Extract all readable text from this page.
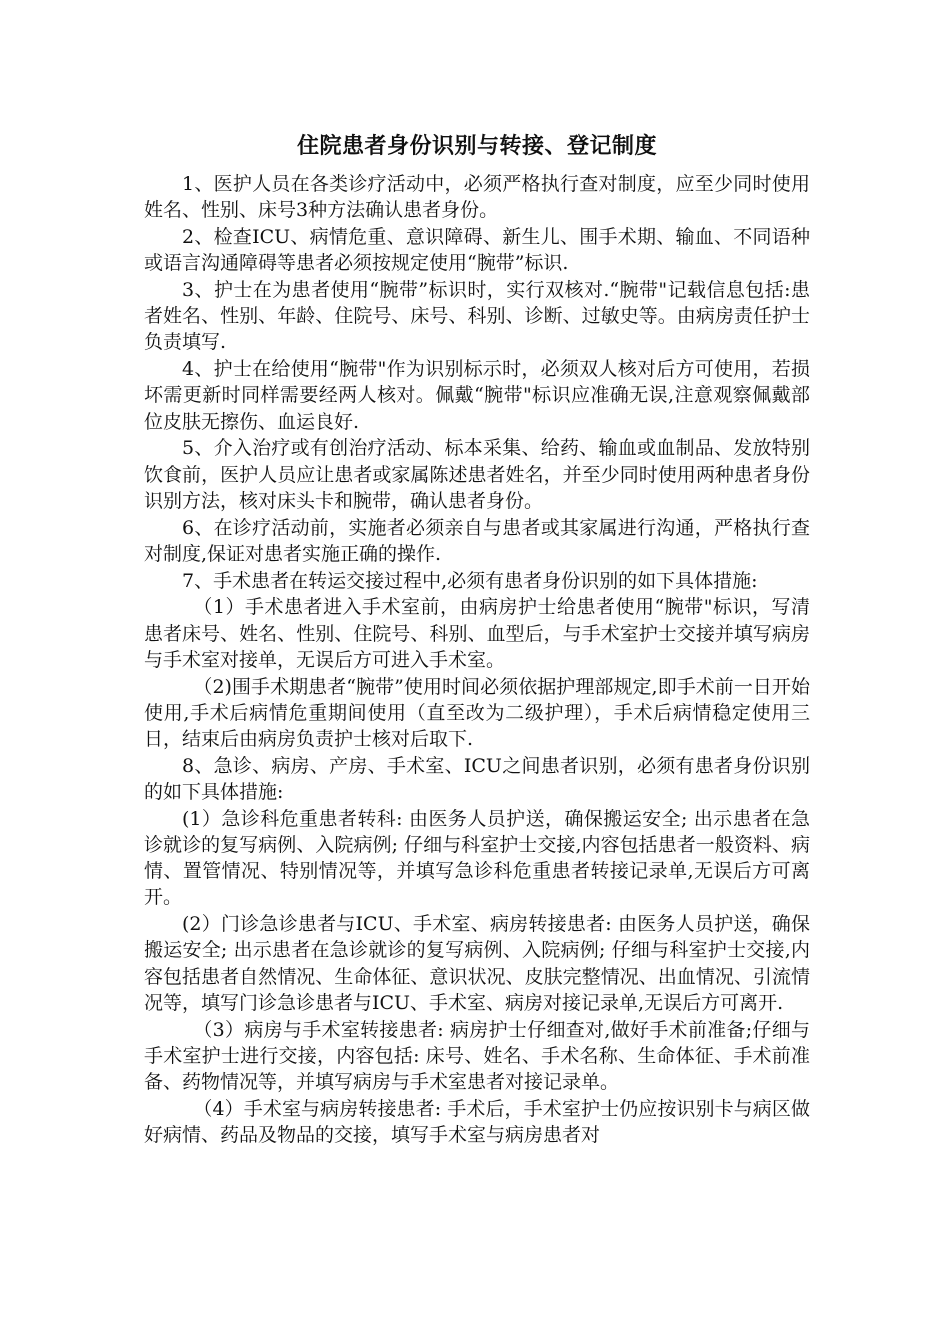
住院患者身份识别与转接、登记制度

1、医护人员在各类诊疗活动中，必须严格执行查对制度，应至少同时使用姓名、性别、床号3种方法确认患者身份。

2、检查ICU、病情危重、意识障碍、新生儿、围手术期、输血、不同语种或语言沟通障碍等患者必须按规定使用“腕带”标识.

3、护士在为患者使用“腕带”标识时，实行双核对.“腕带"记载信息包括:患者姓名、性别、年龄、住院号、床号、科别、诊断、过敏史等。由病房责任护士负责填写.

4、护士在给使用“腕带"作为识别标示时，必须双人核对后方可使用，若损坏需更新时同样需要经两人核对。佩戴“腕带"标识应准确无误,注意观察佩戴部位皮肤无擦伤、血运良好.

5、介入治疗或有创治疗活动、标本采集、给药、输血或血制品、发放特别饮食前，医护人员应让患者或家属陈述患者姓名，并至少同时使用两种患者身份识别方法，核对床头卡和腕带，确认患者身份。

6、在诊疗活动前，实施者必须亲自与患者或其家属进行沟通，严格执行查对制度,保证对患者实施正确的操作.

7、手术患者在转运交接过程中,必须有患者身份识别的如下具体措施:

（1）手术患者进入手术室前，由病房护士给患者使用“腕带"标识，写清患者床号、姓名、性别、住院号、科别、血型后，与手术室护士交接并填写病房与手术室对接单，无误后方可进入手术室。

（2)围手术期患者“腕带”使用时间必须依据护理部规定,即手术前一日开始使用,手术后病情危重期间使用（直至改为二级护理），手术后病情稳定使用三日，结束后由病房负责护士核对后取下.

8、急诊、病房、产房、手术室、ICU之间患者识别，必须有患者身份识别的如下具体措施:

(1）急诊科危重患者转科: 由医务人员护送，确保搬运安全; 出示患者在急诊就诊的复写病例、入院病例; 仔细与科室护士交接,内容包括患者一般资料、病情、置管情况、特别情况等，并填写急诊科危重患者转接记录单,无误后方可离开。

(2）门诊急诊患者与ICU、手术室、病房转接患者: 由医务人员护送，确保搬运安全; 出示患者在急诊就诊的复写病例、入院病例; 仔细与科室护士交接,内容包括患者自然情况、生命体征、意识状况、皮肤完整情况、出血情况、引流情况等，填写门诊急诊患者与ICU、手术室、病房对接记录单,无误后方可离开.

（3）病房与手术室转接患者: 病房护士仔细查对,做好手术前准备;仔细与手术室护士进行交接，内容包括: 床号、姓名、手术名称、生命体征、手术前准备、药物情况等，并填写病房与手术室患者对接记录单。

（4）手术室与病房转接患者: 手术后，手术室护士仍应按识别卡与病区做好病情、药品及物品的交接，填写手术室与病房患者对
